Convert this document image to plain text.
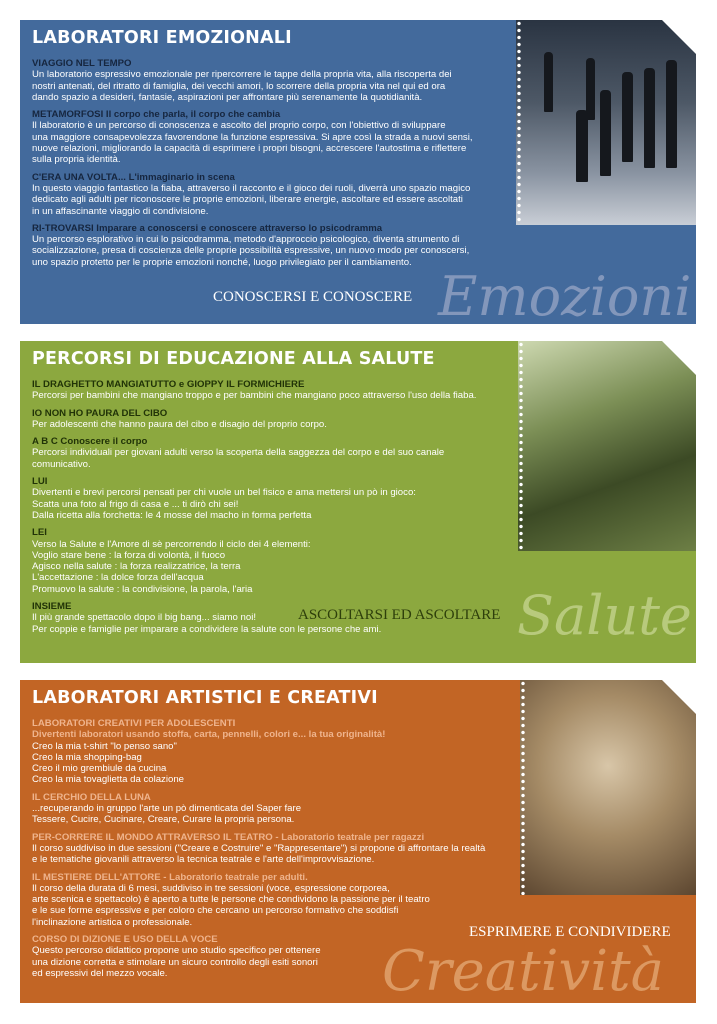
LABORATORI EMOZIONALI
VIAGGIO NEL TEMPO
Un laboratorio espressivo emozionale per ripercorrere le tappe della propria vita, alla riscoperta dei
nostri antenati, del ritratto di famiglia, dei vecchi amori, lo scorrere della propria vita nel qui ed ora
dando spazio a desideri, fantasie, aspirazioni per affrontare più serenamente la quotidianità.
METAMORFOSI Il corpo che parla, il corpo che cambia
Il laboratorio è un percorso di conoscenza e ascolto del proprio corpo, con l'obiettivo di sviluppare
una maggiore consapevolezza favorendone la funzione espressiva. Si apre così la strada a nuovi sensi,
nuove relazioni, migliorando la capacità di esprimere i propri bisogni, accrescere l'autostima e riflettere
sulla propria identità.
C'ERA UNA VOLTA... L'immaginario in scena
In questo viaggio fantastico la fiaba, attraverso il racconto e il gioco dei ruoli, diverrà uno spazio magico
dedicato agli adulti per riconoscere le proprie emozioni, liberare energie, ascoltare ed essere ascoltati
in un affascinante viaggio di condivisione.
RI-TROVARSI Imparare a conoscersi e conoscere attraverso lo psicodramma
Un percorso esplorativo in cui lo psicodramma, metodo d'approccio psicologico, diventa strumento di
socializzazione, presa di coscienza delle proprie possibilità espressive, un nuovo modo per conoscersi,
uno spazio protetto per le proprie emozioni nonché, luogo privilegiato per il cambiamento.
CONOSCERSI E CONOSCERE Emozioni
PERCORSI DI EDUCAZIONE ALLA SALUTE
IL DRAGHETTO MANGIATUTTO e GIOPPY IL FORMICHIERE
Percorsi per bambini che mangiano troppo e per bambini che mangiano poco attraverso l'uso della fiaba.
IO NON HO PAURA DEL CIBO
Per adolescenti che hanno paura del cibo e disagio del proprio corpo.
A B C Conoscere il corpo
Percorsi individuali per giovani adulti verso la scoperta della saggezza del corpo e del suo canale
comunicativo.
LUI
Divertenti e brevi percorsi pensati per chi vuole un bel fisico e ama mettersi un pò in gioco:
Scatta una foto al frigo di casa e ... ti dirò chi sei!
Dalla ricetta alla forchetta: le 4 mosse del macho in forma perfetta
LEI
Verso la Salute e l'Amore di sè percorrendo il ciclo dei 4 elementi:
Voglio stare bene : la forza di volontà, il fuoco
Agisco nella salute : la forza realizzatrice, la terra
L'accettazione : la dolce forza dell'acqua
Promuovo la salute : la condivisione, la parola, l'aria
INSIEME
Il più grande spettacolo dopo il big bang... siamo noi!
Per coppie e famiglie per imparare a condividere la salute con le persone che ami.
ASCOLTARSI ED ASCOLTARE Salute
LABORATORI ARTISTICI E CREATIVI
LABORATORI CREATIVI PER ADOLESCENTI
Divertenti laboratori usando stoffa, carta, pennelli, colori e... la tua originalità!
Creo la mia t-shirt "lo penso sano"
Creo la mia shopping-bag
Creo il mio grembiule da cucina
Creo la mia tovaglietta da colazione
IL CERCHIO DELLA LUNA
...recuperando in gruppo l'arte un pò dimenticata del Saper fare
Tessere, Cucire, Cucinare, Creare, Curare la propria persona.
PER-CORRERE IL MONDO ATTRAVERSO IL TEATRO - Laboratorio teatrale per ragazzi
Il corso suddiviso in due sessioni ("Creare e Costruire" e "Rappresentare") si propone di affrontare la realtà
e le tematiche giovanili attraverso la tecnica teatrale e l'arte dell'improvvisazione.
IL MESTIERE DELL'ATTORE - Laboratorio teatrale per adulti.
Il corso della durata di 6 mesi, suddiviso in tre sessioni (voce, espressione corporea,
arte scenica e spettacolo) è aperto a tutte le persone che condividono la passione per il teatro
e le sue forme espressive e per coloro che cercano un percorso formativo che soddisfi
l'inclinazione artistica o professionale.
CORSO DI DIZIONE E USO DELLA VOCE
Questo percorso didattico propone uno studio specifico per ottenere
una dizione corretta e stimolare un sicuro controllo degli esiti sonori
ed espressivi del mezzo vocale.
ESPRIMERE E CONDIVIDERE
Creatività
